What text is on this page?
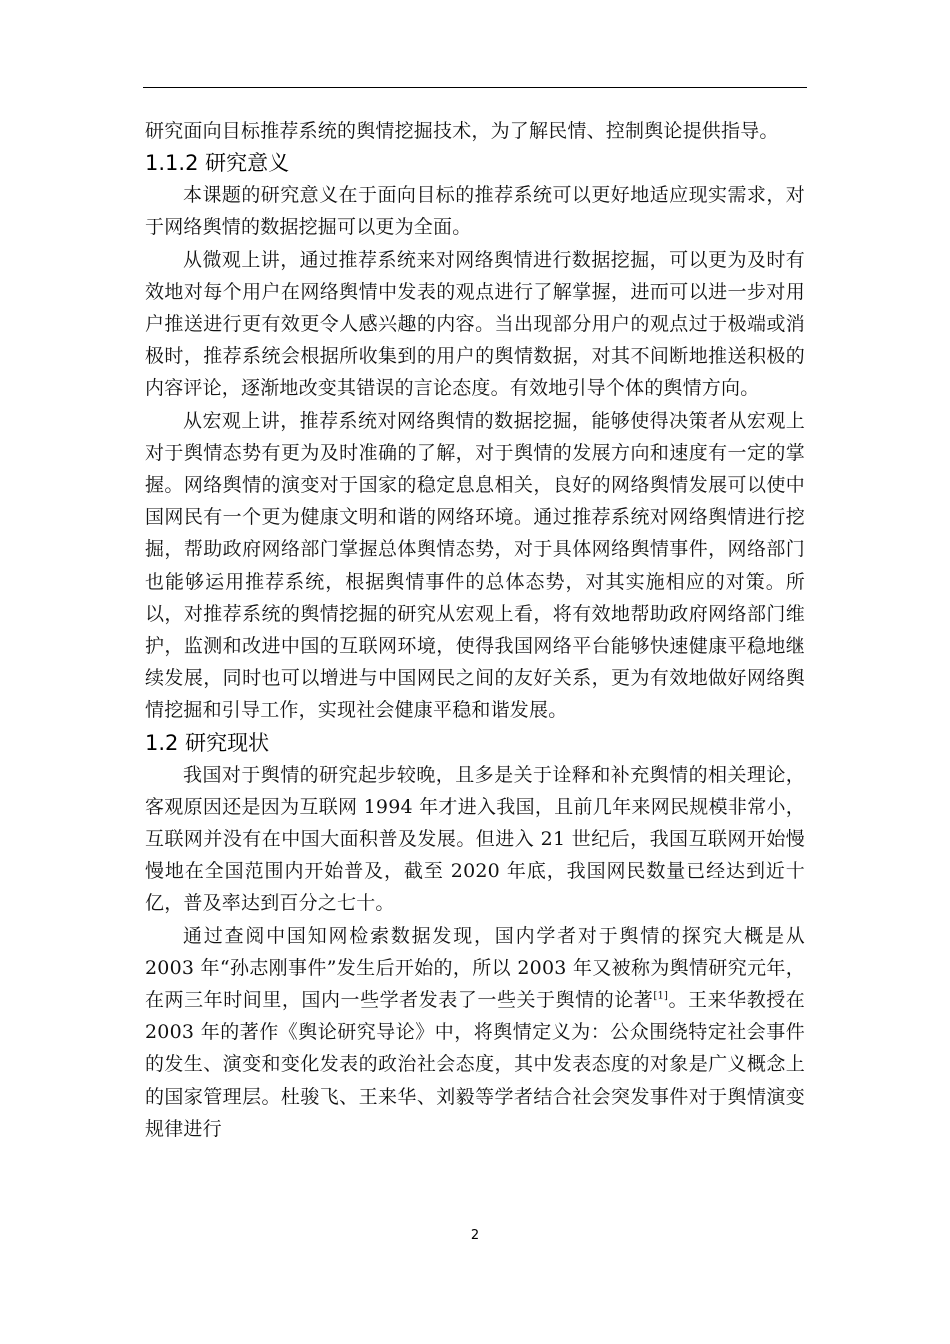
研究面向目标推荐系统的舆情挖掘技术，为了解民情、控制舆论提供指导。

1.1.2 研究意义

本课题的研究意义在于面向目标的推荐系统可以更好地适应现实需求，对于网络舆情的数据挖掘可以更为全面。

从微观上讲，通过推荐系统来对网络舆情进行数据挖掘，可以更为及时有效地对每个用户在网络舆情中发表的观点进行了解掌握，进而可以进一步对用户推送进行更有效更令人感兴趣的内容。当出现部分用户的观点过于极端或消极时，推荐系统会根据所收集到的用户的舆情数据，对其不间断地推送积极的内容评论，逐渐地改变其错误的言论态度。有效地引导个体的舆情方向。

从宏观上讲，推荐系统对网络舆情的数据挖掘，能够使得决策者从宏观上对于舆情态势有更为及时准确的了解，对于舆情的发展方向和速度有一定的掌握。网络舆情的演变对于国家的稳定息息相关，良好的网络舆情发展可以使中国网民有一个更为健康文明和谐的网络环境。通过推荐系统对网络舆情进行挖掘，帮助政府网络部门掌握总体舆情态势，对于具体网络舆情事件，网络部门也能够运用推荐系统，根据舆情事件的总体态势，对其实施相应的对策。所以，对推荐系统的舆情挖掘的研究从宏观上看，将有效地帮助政府网络部门维护，监测和改进中国的互联网环境，使得我国网络平台能够快速健康平稳地继续发展，同时也可以增进与中国网民之间的友好关系，更为有效地做好网络舆情挖掘和引导工作，实现社会健康平稳和谐发展。

1.2 研究现状

我国对于舆情的研究起步较晚，且多是关于诠释和补充舆情的相关理论，客观原因还是因为互联网 1994 年才进入我国，且前几年来网民规模非常小，互联网并没有在中国大面积普及发展。但进入 21 世纪后，我国互联网开始慢慢地在全国范围内开始普及，截至 2020 年底，我国网民数量已经达到近十亿，普及率达到百分之七十。

通过查阅中国知网检索数据发现，国内学者对于舆情的探究大概是从 2003 年“孙志刚事件”发生后开始的，所以 2003 年又被称为舆情研究元年，在两三年时间里，国内一些学者发表了一些关于舆情的论著[1]。王来华教授在 2003 年的著作《舆论研究导论》中，将舆情定义为：公众围绕特定社会事件的发生、演变和变化发表的政治社会态度，其中发表态度的对象是广义概念上的国家管理层。杜骏飞、王来华、刘毅等学者结合社会突发事件对于舆情演变规律进行

2
